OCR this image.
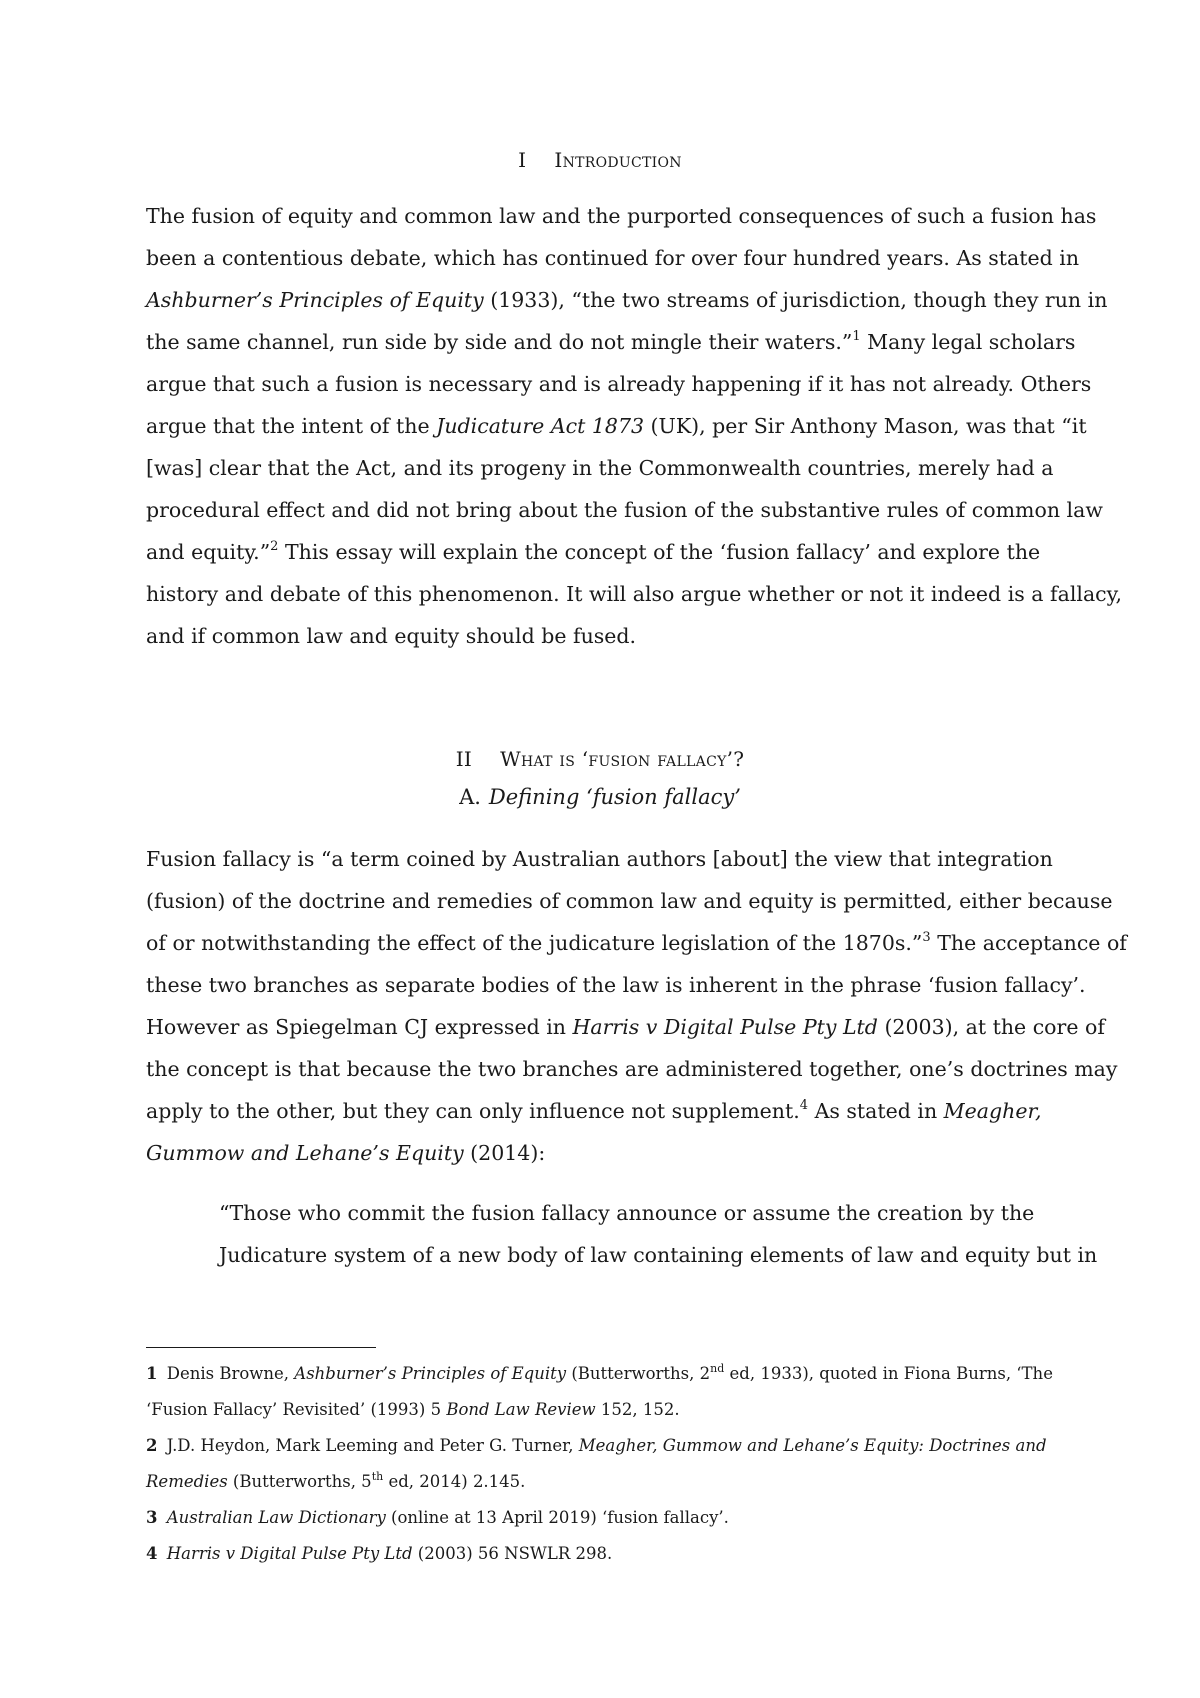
I Introduction

The fusion of equity and common law and the purported consequences of such a fusion has
been a contentious debate, which has continued for over four hundred years. As stated in
Ashburner’s Principles of Equity (1933), “the two streams of jurisdiction, though they run in
the same channel, run side by side and do not mingle their waters.”$^1$ Many legal scholars
argue that such a fusion is necessary and is already happening if it has not already. Others
argue that the intent of the Judicature Act 1873 (UK), per Sir Anthony Mason, was that “it
[was] clear that the Act, and its progeny in the Commonwealth countries, merely had a
procedural effect and did not bring about the fusion of the substantive rules of common law
and equity.”$^2$ This essay will explain the concept of the ‘fusion fallacy’ and explore the
history and debate of this phenomenon. It will also argue whether or not it indeed is a fallacy,
and if common law and equity should be fused.

II What is ‘fusion fallacy’?
A. Defining ‘fusion fallacy’

Fusion fallacy is “a term coined by Australian authors [about] the view that integration
(fusion) of the doctrine and remedies of common law and equity is permitted, either because
of or notwithstanding the effect of the judicature legislation of the 1870s.”$^3$ The acceptance of
these two branches as separate bodies of the law is inherent in the phrase ‘fusion fallacy’.
However as Spiegelman CJ expressed in Harris v Digital Pulse Pty Ltd (2003), at the core of
the concept is that because the two branches are administered together, one’s doctrines may
apply to the other, but they can only influence not supplement.$^4$ As stated in Meagher,
Gummow and Lehane’s Equity (2014):

“Those who commit the fusion fallacy announce or assume the creation by the
Judicature system of a new body of law containing elements of law and equity but in

1 Denis Browne, Ashburner’s Principles of Equity (Butterworths, 2nd ed, 1933), quoted in Fiona Burns, ‘The
‘Fusion Fallacy’ Revisited’ (1993) 5 Bond Law Review 152, 152.

2 J.D. Heydon, Mark Leeming and Peter G. Turner, Meagher, Gummow and Lehane’s Equity: Doctrines and
Remedies (Butterworths, 5th ed, 2014) 2.145.

3 Australian Law Dictionary (online at 13 April 2019) ‘fusion fallacy’.

4 Harris v Digital Pulse Pty Ltd (2003) 56 NSWLR 298.
